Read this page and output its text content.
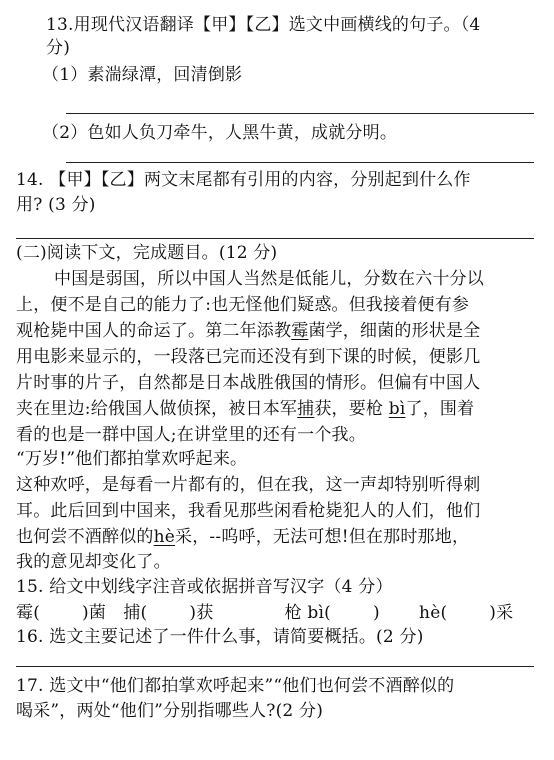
13.用现代汉语翻译【甲】【乙】选文中画横线的句子。（4
分)
（1）素湍绿潭，回清倒影
（2）色如人负刀牵牛，人黑牛黄，成就分明。
14. 【甲】【乙】两文末尾都有引用的内容，分别起到什么作
用? (3 分)
(二)阅读下文，完成题目。(12 分)
中国是弱国，所以中国人当然是低能儿，分数在六十分以
上，便不是自己的能力了:也无怪他们疑惑。但我接着便有参
观枪毙中国人的命运了。第二年添教霉菌学，细菌的形状是全
用电影来显示的，一段落已完而还没有到下课的时候，便影几
片时事的片子，自然都是日本战胜俄国的情形。但偏有中国人
夹在里边:给俄国人做侦探，被日本军捕获，要枪 bì了，围着
看的也是一群中国人;在讲堂里的还有一个我。
“万岁!”他们都拍掌欢呼起来。
这种欢呼，是每看一片都有的，但在我，这一声却特别听得刺
耳。此后回到中国来，我看见那些闲看枪毙犯人的人们，他们
也何尝不酒醉似的hè采，--呜呼，无法可想!但在那时那地，
我的意见却变化了。
15. 给文中划线字注音或依据拼音写汉字（4 分）
霉( )菌 捕( )获	枪 bì( ) hè( )采
16. 选文主要记述了一件什么事，请简要概括。(2 分)
17. 选文中“他们都拍掌欢呼起来”“他们也何尝不酒醉似的
喝采”，两处“他们”分别指哪些人?(2 分)
